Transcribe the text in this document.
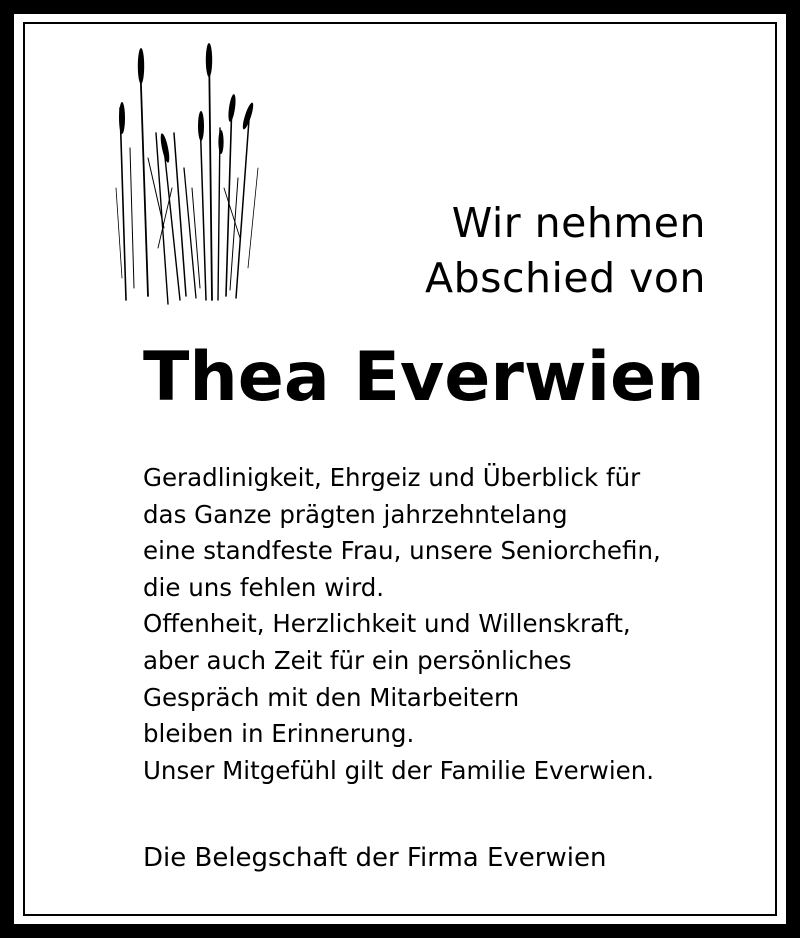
Wir nehmen
Abschied von
Thea Everwien
Geradlinigkeit, Ehrgeiz und Überblick für
das Ganze prägten jahrzehntelang
eine standfeste Frau, unsere Seniorchefin,
die uns fehlen wird.
Offenheit, Herzlichkeit und Willenskraft,
aber auch Zeit für ein persönliches
Gespräch mit den Mitarbeitern
bleiben in Erinnerung.
Unser Mitgefühl gilt der Familie Everwien.
Die Belegschaft der Firma Everwien
